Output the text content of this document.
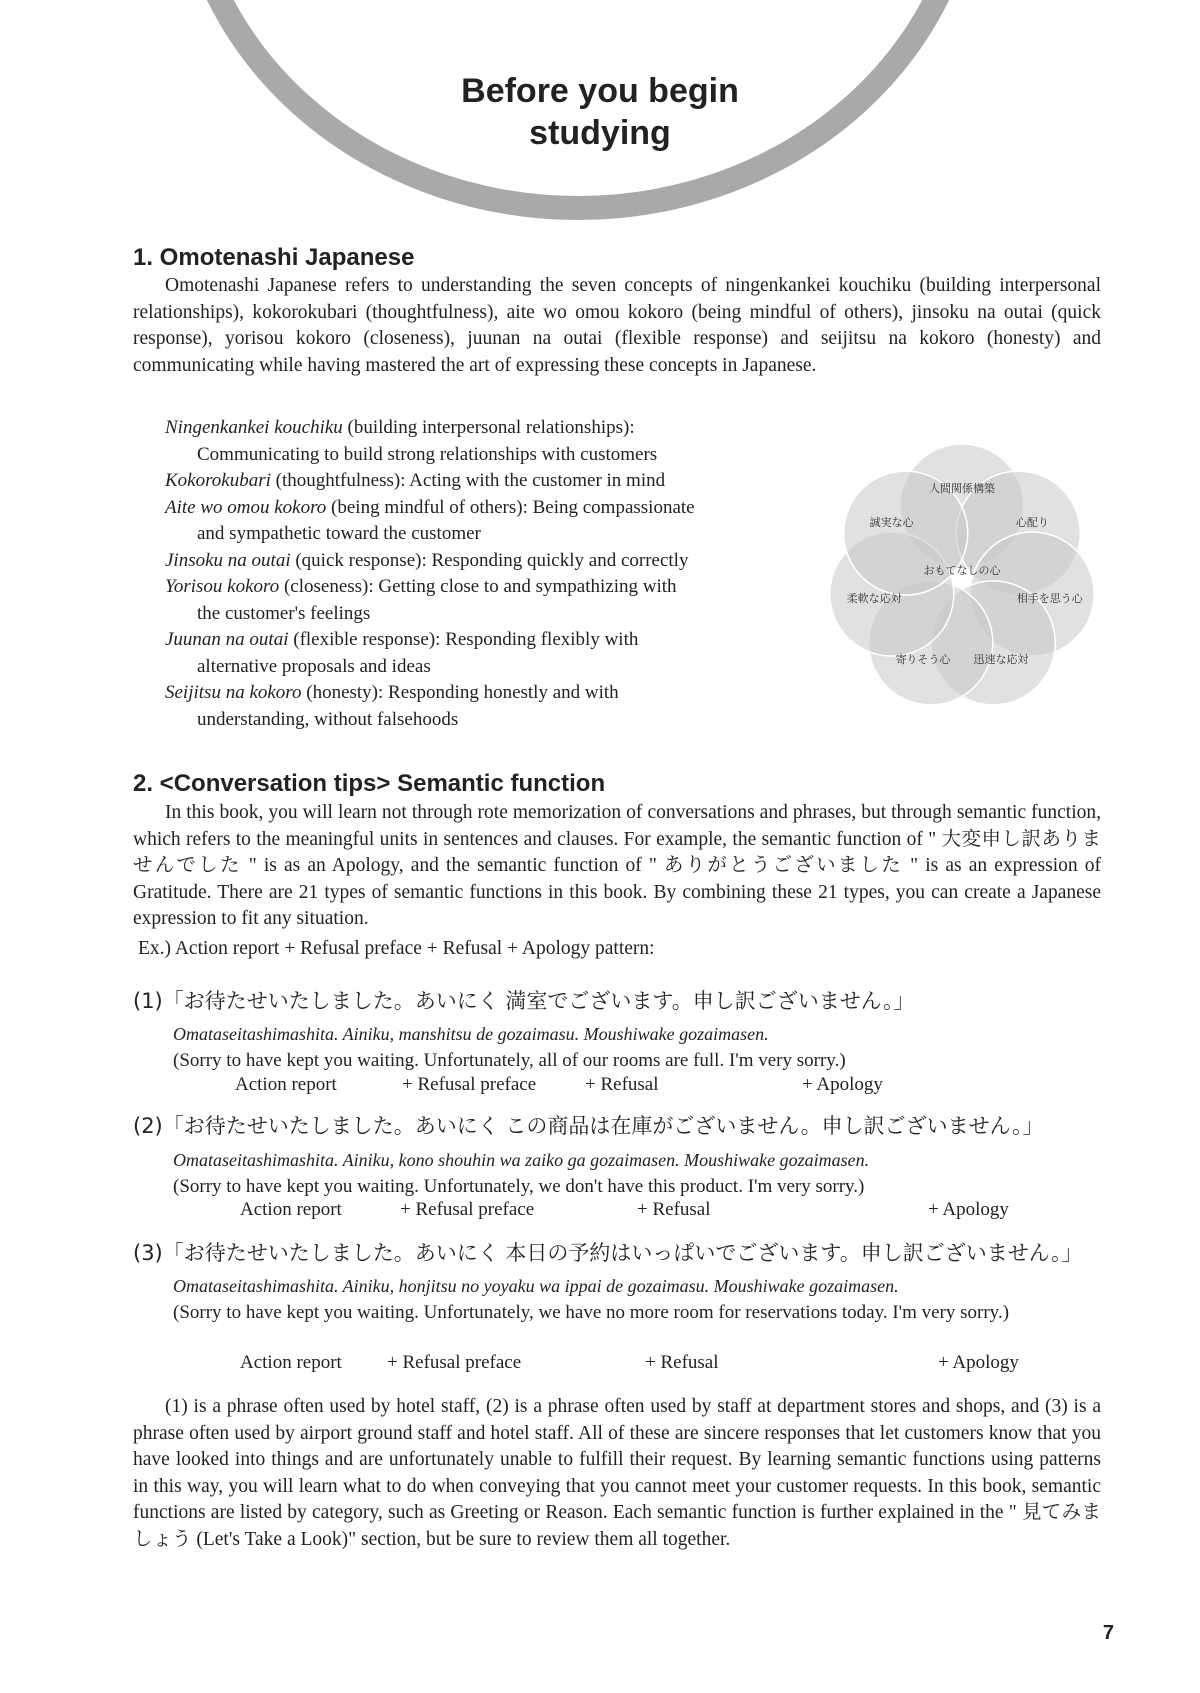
Before you begin
studying
1. Omotenashi Japanese
Omotenashi Japanese refers to understanding the seven concepts of ningenkankei kouchiku (building interpersonal relationships), kokorokubari (thoughtfulness), aite wo omou kokoro (being mindful of others), jinsoku na outai (quick response), yorisou kokoro (closeness), juunan na outai (flexible response) and seijitsu na kokoro (honesty) and communicating while having mastered the art of expressing these concepts in Japanese.
Ningenkankei kouchiku (building interpersonal relationships):
Communicating to build strong relationships with customers
Kokorokubari (thoughtfulness): Acting with the customer in mind
Aite wo omou kokoro (being mindful of others): Being compassionate
and sympathetic toward the customer
Jinsoku na outai (quick response): Responding quickly and correctly
Yorisou kokoro (closeness): Getting close to and sympathizing with
the customer's feelings
Juunan na outai (flexible response): Responding flexibly with
alternative proposals and ideas
Seijitsu na kokoro (honesty): Responding honestly and with
understanding, without falsehoods
おもてなしの心
人間関係構築
心配り
相手を思う心
迅速な応対
寄りそう心
柔軟な応対
誠実な心
2. <Conversation tips> Semantic function
In this book, you will learn not through rote memorization of conversations and phrases, but through semantic function, which refers to the meaningful units in sentences and clauses. For example, the semantic function of " 大変申し訳ありませんでした " is as an Apology, and the semantic function of " ありがとうございました " is as an expression of Gratitude. There are 21 types of semantic functions in this book. By combining these 21 types, you can create a Japanese expression to fit any situation.
Ex.) Action report + Refusal preface + Refusal + Apology pattern:
(1)「お待たせいたしました。あいにく 満室でございます。申し訳ございません。」
Omataseitashimashita. Ainiku, manshitsu de gozaimasu. Moushiwake gozaimasen.
(Sorry to have kept you waiting. Unfortunately, all of our rooms are full. I'm very sorry.)
Action report	+ Refusal preface	+ Refusal	+ Apology
(2)「お待たせいたしました。あいにく この商品は在庫がございません。申し訳ございません。」
Omataseitashimashita. Ainiku, kono shouhin wa zaiko ga gozaimasen. Moushiwake gozaimasen.
(Sorry to have kept you waiting. Unfortunately, we don't have this product. I'm very sorry.)
Action report	+ Refusal preface	+ Refusal	+ Apology
(3)「お待たせいたしました。あいにく 本日の予約はいっぱいでございます。申し訳ございません。」
Omataseitashimashita. Ainiku, honjitsu no yoyaku wa ippai de gozaimasu. Moushiwake gozaimasen.
(Sorry to have kept you waiting. Unfortunately, we have no more room for reservations today. I'm very sorry.)
Action report + Refusal preface	+ Refusal	+ Apology
(1) is a phrase often used by hotel staff, (2) is a phrase often used by staff at department stores and shops, and (3) is a phrase often used by airport ground staff and hotel staff. All of these are sincere responses that let customers know that you have looked into things and are unfortunately unable to fulfill their request. By learning semantic functions using patterns in this way, you will learn what to do when conveying that you cannot meet your customer requests. In this book, semantic functions are listed by category, such as Greeting or Reason. Each semantic function is further explained in the " 見てみましょう (Let's Take a Look)" section, but be sure to review them all together.
7
